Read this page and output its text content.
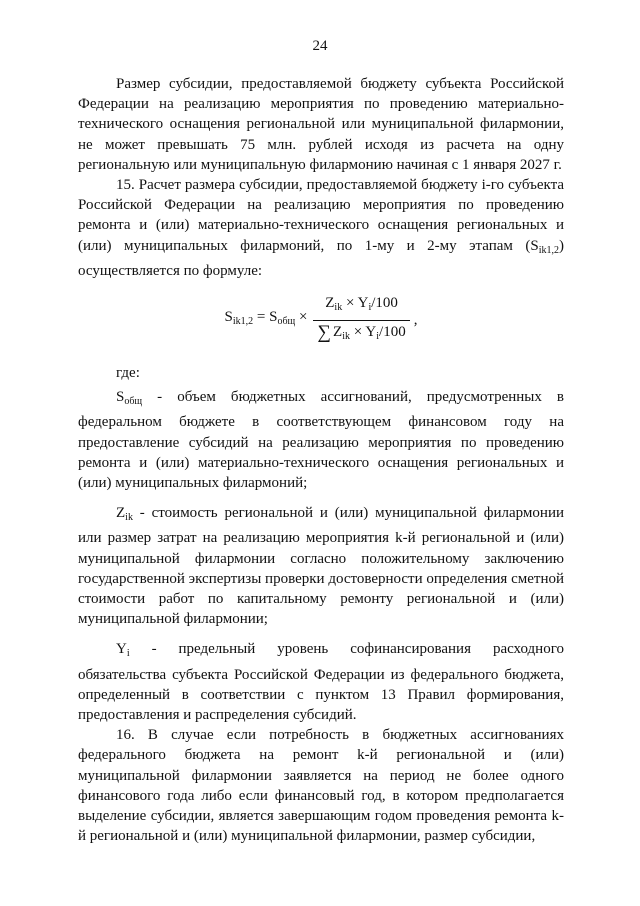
24

Размер субсидии, предоставляемой бюджету субъекта Российской Федерации на реализацию мероприятия по проведению материально-технического оснащения региональной или муниципальной филармонии, не может превышать 75 млн. рублей исходя из расчета на одну региональную или муниципальную филармонию начиная с 1 января 2027 г.

15. Расчет размера субсидии, предоставляемой бюджету i-го субъекта Российской Федерации на реализацию мероприятия по проведению ремонта и (или) материально-технического оснащения региональных и (или) муниципальных филармоний, по 1-му и 2-му этапам $(S_{ik1,2})$ осуществляется по формуле:

$S_{ik1,2} = S_{общ} \times \frac{Z_{ik} \times Y_i/100}{\sum Z_{ik} \times Y_i/100}$ ,

где:

$S_{общ}$ - объем бюджетных ассигнований, предусмотренных в федеральном бюджете в соответствующем финансовом году на предоставление субсидий на реализацию мероприятия по проведению ремонта и (или) материально-технического оснащения региональных и (или) муниципальных филармоний;

$Z_{ik}$ - стоимость региональной и (или) муниципальной филармонии или размер затрат на реализацию мероприятия k-й региональной и (или) муниципальной филармонии согласно положительному заключению государственной экспертизы проверки достоверности определения сметной стоимости работ по капитальному ремонту региональной и (или) муниципальной филармонии;

$Y_i$ - предельный уровень софинансирования расходного обязательства субъекта Российской Федерации из федерального бюджета, определенный в соответствии с пунктом 13 Правил формирования, предоставления и распределения субсидий.

16. В случае если потребность в бюджетных ассигнованиях федерального бюджета на ремонт k-й региональной и (или) муниципальной филармонии заявляется на период не более одного финансового года либо если финансовый год, в котором предполагается выделение субсидии, является завершающим годом проведения ремонта k-й региональной и (или) муниципальной филармонии, размер субсидии,
